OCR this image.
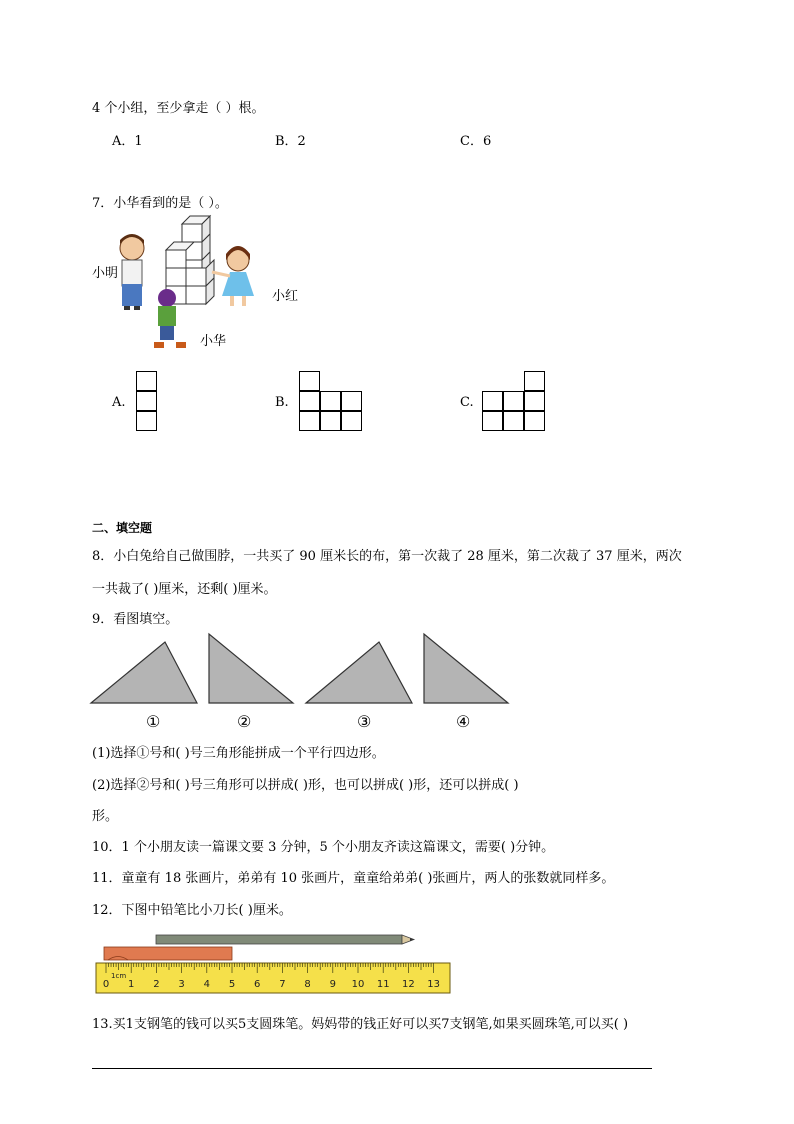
4 个小组，至少拿走（ ）根。
A．1	B．2	C．6
7．小华看到的是（ ）。
小明
小红
小华
A.	B.	C.
二、填空题
8．小白兔给自己做围脖，一共买了 90 厘米长的布，第一次裁了 28 厘米，第二次裁了 37 厘米，两次
一共裁了( )厘米，还剩( )厘米。
9．看图填空。
①	②	③	④
(1)选择①号和( )号三角形能拼成一个平行四边形。
(2)选择②号和( )号三角形可以拼成( )形，也可以拼成( )形，还可以拼成( )
形。
10．1 个小朋友读一篇课文要 3 分钟，5 个小朋友齐读这篇课文，需要( )分钟。
11．童童有 18 张画片，弟弟有 10 张画片，童童给弟弟( )张画片，两人的张数就同样多。
12．下图中铅笔比小刀长( )厘米。
0 1 2 3 4 5 6 7 8 9 10 11 12 13
1cm
13.买1支钢笔的钱可以买5支圆珠笔。妈妈带的钱正好可以买7支钢笔,如果买圆珠笔,可以买( )
